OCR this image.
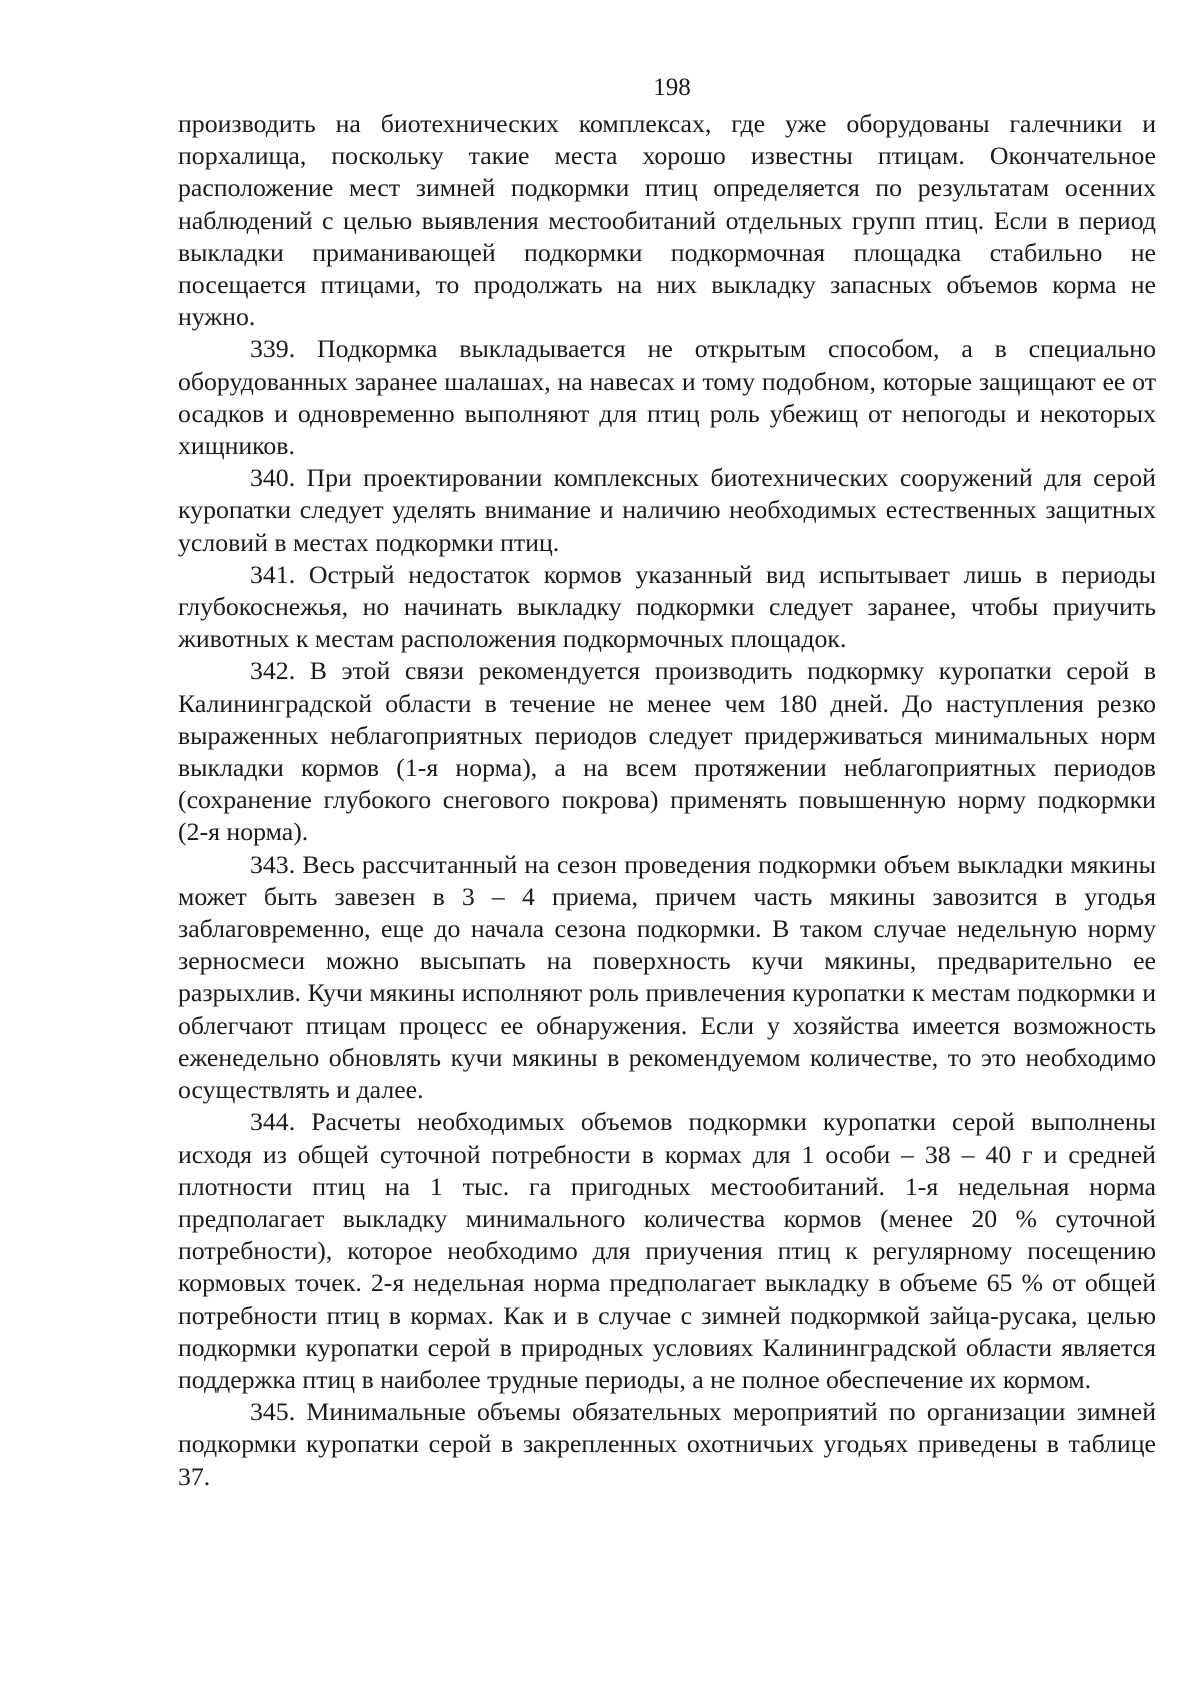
198

производить на биотехнических комплексах, где уже оборудованы галечники и порхалища, поскольку такие места хорошо известны птицам. Окончательное расположение мест зимней подкормки птиц определяется по результатам осенних наблюдений с целью выявления местообитаний отдельных групп птиц. Если в период выкладки приманивающей подкормки подкормочная площадка стабильно не посещается птицами, то продолжать на них выкладку запасных объемов корма не нужно.

339. Подкормка выкладывается не открытым способом, а в специально оборудованных заранее шалашах, на навесах и тому подобном, которые защищают ее от осадков и одновременно выполняют для птиц роль убежищ от непогоды и некоторых хищников.

340. При проектировании комплексных биотехнических сооружений для серой куропатки следует уделять внимание и наличию необходимых естественных защитных условий в местах подкормки птиц.

341. Острый недостаток кормов указанный вид испытывает лишь в периоды глубокоснежья, но начинать выкладку подкормки следует заранее, чтобы приучить животных к местам расположения подкормочных площадок.

342. В этой связи рекомендуется производить подкормку куропатки серой в Калининградской области в течение не менее чем 180 дней. До наступления резко выраженных неблагоприятных периодов следует придерживаться минимальных норм выкладки кормов (1-я норма), а на всем протяжении неблагоприятных периодов (сохранение глубокого снегового покрова) применять повышенную норму подкормки (2-я норма).

343. Весь рассчитанный на сезон проведения подкормки объем выкладки мякины может быть завезен в 3 – 4 приема, причем часть мякины завозится в угодья заблаговременно, еще до начала сезона подкормки. В таком случае недельную норму зерносмеси можно высыпать на поверхность кучи мякины, предварительно ее разрыхлив. Кучи мякины исполняют роль привлечения куропатки к местам подкормки и облегчают птицам процесс ее обнаружения. Если у хозяйства имеется возможность еженедельно обновлять кучи мякины в рекомендуемом количестве, то это необходимо осуществлять и далее.

344. Расчеты необходимых объемов подкормки куропатки серой выполнены исходя из общей суточной потребности в кормах для 1 особи – 38 – 40 г и средней плотности птиц на 1 тыс. га пригодных местообитаний. 1-я недельная норма предполагает выкладку минимального количества кормов (менее 20 % суточной потребности), которое необходимо для приучения птиц к регулярному посещению кормовых точек. 2-я недельная норма предполагает выкладку в объеме 65 % от общей потребности птиц в кормах. Как и в случае с зимней подкормкой зайца-русака, целью подкормки куропатки серой в природных условиях Калининградской области является поддержка птиц в наиболее трудные периоды, а не полное обеспечение их кормом.

345. Минимальные объемы обязательных мероприятий по организации зимней подкормки куропатки серой в закрепленных охотничьих угодьях приведены в таблице 37.
